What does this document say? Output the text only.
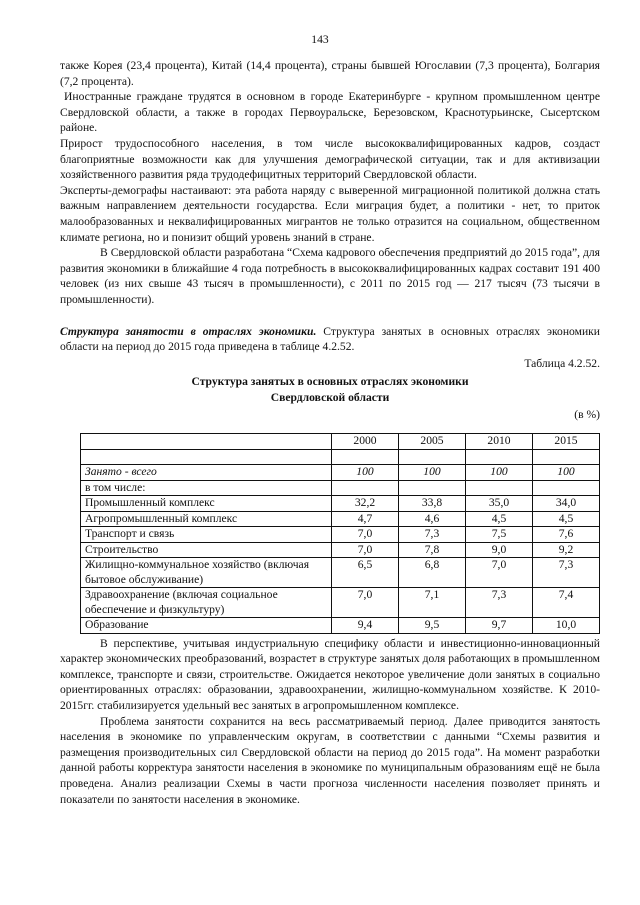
143

также Корея (23,4 процента), Китай (14,4 процента), страны бывшей Югославии (7,3 процента), Болгария (7,2 процента).

Иностранные граждане трудятся в основном в городе Екатеринбурге - крупном промышленном центре Свердловской области, а также в городах Первоуральске, Березовском, Краснотурьинске, Сысертском районе.

Прирост трудоспособного населения, в том числе высококвалифицированных кадров, создаст благоприятные возможности как для улучшения демографической ситуации, так и для активизации хозяйственного развития ряда трудодефицитных территорий Свердловской области.

Эксперты-демографы настаивают: эта работа наряду с выверенной миграционной политикой должна стать важным направлением деятельности государства. Если миграция будет, а политики - нет, то приток малообразованных и неквалифицированных мигрантов не только отразится на социальном, общественном климате региона, но и понизит общий уровень знаний в стране.

В Свердловской области разработана “Схема кадрового обеспечения предприятий до 2015 года”, для развития экономики в ближайшие 4 года потребность в высококвалифицированных кадрах составит 191 400 человек (из них свыше 43 тысяч в промышленности), с 2011 по 2015 год — 217 тысяч (73 тысячи в промышленности).

Структура занятости в отраслях экономики. Структура занятых в основных отраслях экономики области на период до 2015 года приведена в таблице 4.2.52.

Таблица 4.2.52.
Структура занятых в основных отраслях экономики
Свердловской области
(в %)
	2000	2005	2010	2015

Занято - всего	100	100	100	100
в том числе:				
Промышленный комплекс	32,2	33,8	35,0	34,0
Агропромышленный комплекс	4,7	4,6	4,5	4,5
Транспорт и связь	7,0	7,3	7,5	7,6
Строительство	7,0	7,8	9,0	9,2
Жилищно-коммунальное хозяйство (включая бытовое обслуживание)	6,5	6,8	7,0	7,3
Здравоохранение (включая социальное обеспечение и физкультуру)	7,0	7,1	7,3	7,4
Образование	9,4	9,5	9,7	10,0

В перспективе, учитывая индустриальную специфику области и инвестиционно-инновационный характер экономических преобразований, возрастет в структуре занятых доля работающих в промышленном комплексе, транспорте и связи, строительстве. Ожидается некоторое увеличение доли занятых в социально ориентированных отраслях: образовании, здравоохранении, жилищно-коммунальном хозяйстве. К 2010-2015гг. стабилизируется удельный вес занятых в агропромышленном комплексе.

Проблема занятости сохранится на весь рассматриваемый период. Далее приводится занятость населения в экономике по управленческим округам, в соответствии с данными “Схемы развития и размещения производительных сил Свердловской области на период до 2015 года”. На момент разработки данной работы корректура занятости населения в экономике по муниципальным образованиям ещё не была проведена. Анализ реализации Схемы в части прогноза численности населения позволяет принять и показатели по занятости населения в экономике.
